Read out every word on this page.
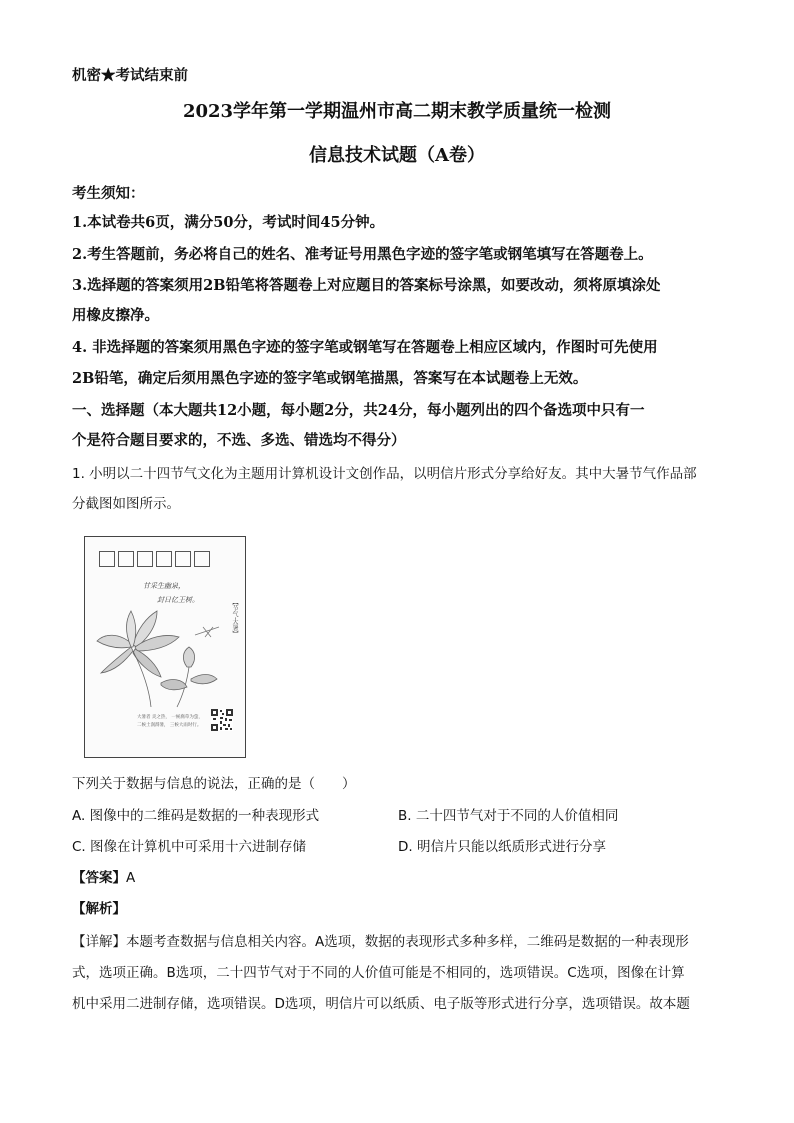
机密★考试结束前
2023学年第一学期温州市高二期末教学质量统一检测
信息技术试题（A卷）
考生须知：
1.本试卷共6页，满分50分，考试时间45分钟。
2.考生答题前，务必将自己的姓名、准考证号用黑色字迹的签字笔或钢笔填写在答题卷上。
3.选择题的答案须用2B铅笔将答题卷上对应题目的答案标号涂黑，如要改动，须将原填涂处
用橡皮擦净。
4. 非选择题的答案须用黑色字迹的签字笔或钢笔写在答题卷上相应区域内，作图时可先使用
2B铅笔，确定后须用黑色字迹的签字笔或钢笔描黑，答案写在本试题卷上无效。
一、选择题（本大题共12小题，每小题2分，共24分，每小题列出的四个备选项中只有一
个是符合题目要求的，不选、多选、错选均不得分）
1. 小明以二十四节气文化为主题用计算机设计文创作品，以明信片形式分享给好友。其中大暑节气作品部
分截图如图所示。
甘采生幽泉，
封日亿王树。	【节气·大暑】
大暑者 炎之热， 一候腐草为萤，
二候土润溽暑， 三候大雨时行。
下列关于数据与信息的说法，正确的是（　　）
A. 图像中的二维码是数据的一种表现形式	B. 二十四节气对于不同的人价值相同
C. 图像在计算机中可采用十六进制存储	D. 明信片只能以纸质形式进行分享
【答案】A
【解析】
【详解】本题考查数据与信息相关内容。A选项，数据的表现形式多种多样，二维码是数据的一种表现形
式，选项正确。B选项，二十四节气对于不同的人价值可能是不相同的，选项错误。C选项，图像在计算
机中采用二进制存储，选项错误。D选项，明信片可以纸质、电子版等形式进行分享，选项错误。故本题
